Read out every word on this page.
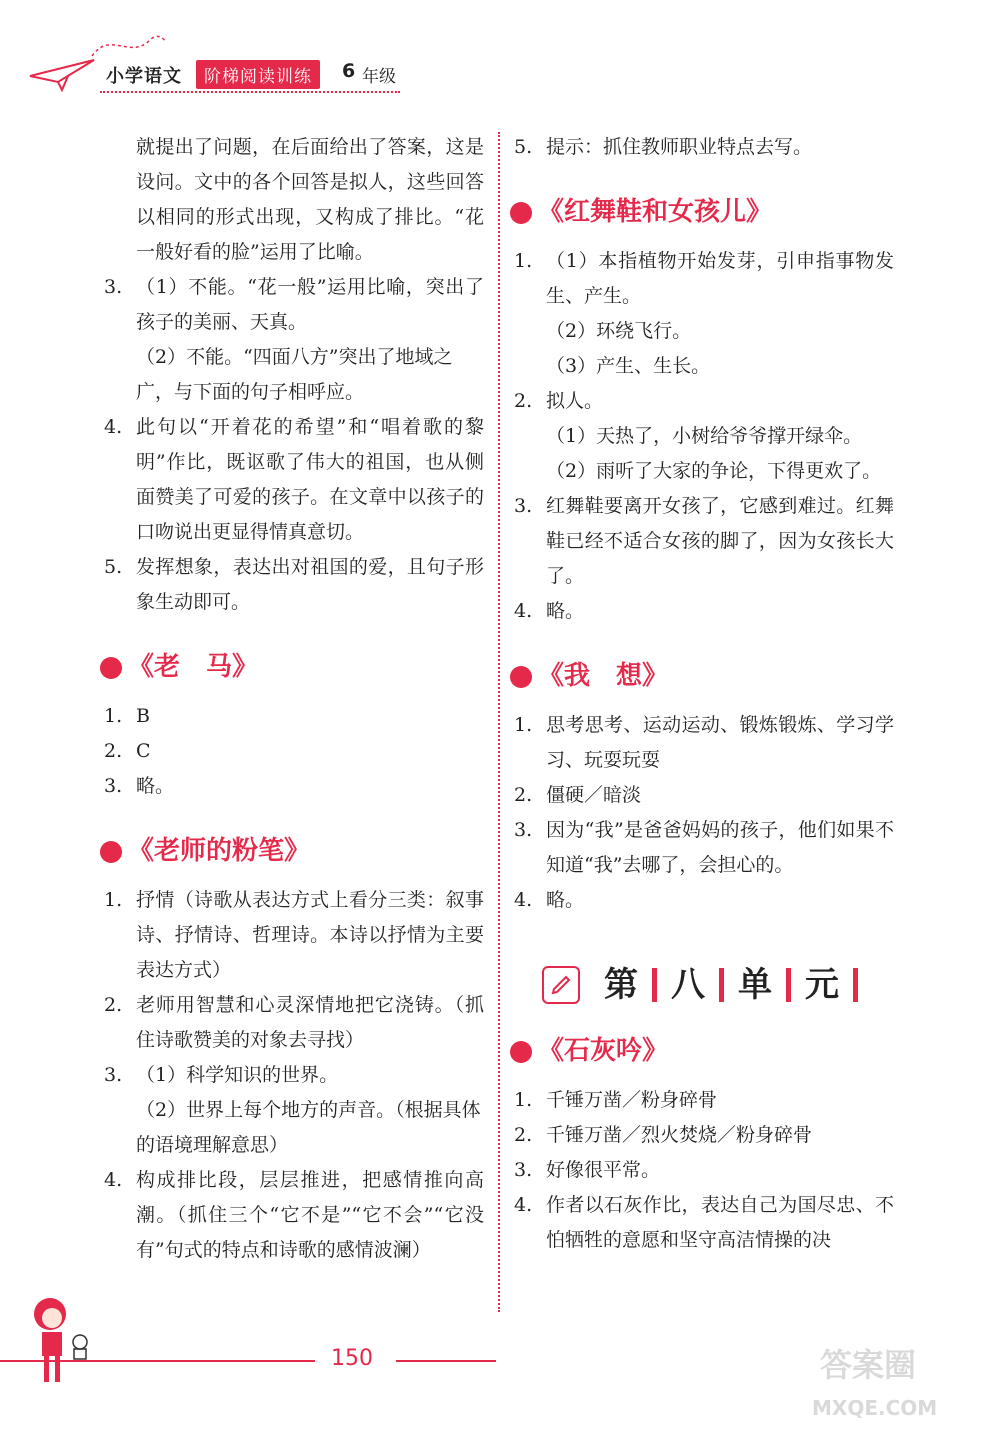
小学语文	阶梯阅读训练	6 年级
就提出了问题，在后面给出了答案，这是设问。文中的各个回答是拟人，这些回答以相同的形式出现，又构成了排比。“花一般好看的脸”运用了比喻。
3. （1）不能。“花一般”运用比喻，突出了孩子的美丽、天真。
（2）不能。“四面八方”突出了地域之广，与下面的句子相呼应。
4. 此句以“开着花的希望”和“唱着歌的黎明”作比，既讴歌了伟大的祖国，也从侧面赞美了可爱的孩子。在文章中以孩子的口吻说出更显得情真意切。
5. 发挥想象，表达出对祖国的爱，且句子形象生动即可。
《老　马》
1. B
2. C
3. 略。
《老师的粉笔》
1. 抒情（诗歌从表达方式上看分三类：叙事诗、抒情诗、哲理诗。本诗以抒情为主要表达方式）
2. 老师用智慧和心灵深情地把它浇铸。（抓住诗歌赞美的对象去寻找）
3. （1）科学知识的世界。
（2）世界上每个地方的声音。（根据具体的语境理解意思）
4. 构成排比段，层层推进，把感情推向高潮。（抓住三个“它不是”“它不会”“它没有”句式的特点和诗歌的感情波澜）
5. 提示：抓住教师职业特点去写。
《红舞鞋和女孩儿》
1. （1）本指植物开始发芽，引申指事物发生、产生。
（2）环绕飞行。
（3）产生、生长。
2. 拟人。
（1）天热了，小树给爷爷撑开绿伞。
（2）雨听了大家的争论，下得更欢了。
3. 红舞鞋要离开女孩了，它感到难过。红舞鞋已经不适合女孩的脚了，因为女孩长大了。
4. 略。
《我　想》
1. 思考思考、运动运动、锻炼锻炼、学习学习、玩耍玩耍
2. 僵硬／暗淡
3. 因为“我”是爸爸妈妈的孩子，他们如果不知道“我”去哪了，会担心的。
4. 略。
第 八 单 元
《石灰吟》
1. 千锤万凿／粉身碎骨
2. 千锤万凿／烈火焚烧／粉身碎骨
3. 好像很平常。
4. 作者以石灰作比，表达自己为国尽忠、不怕牺牲的意愿和坚守高洁情操的决
150	答案圈
MXQE.COM
